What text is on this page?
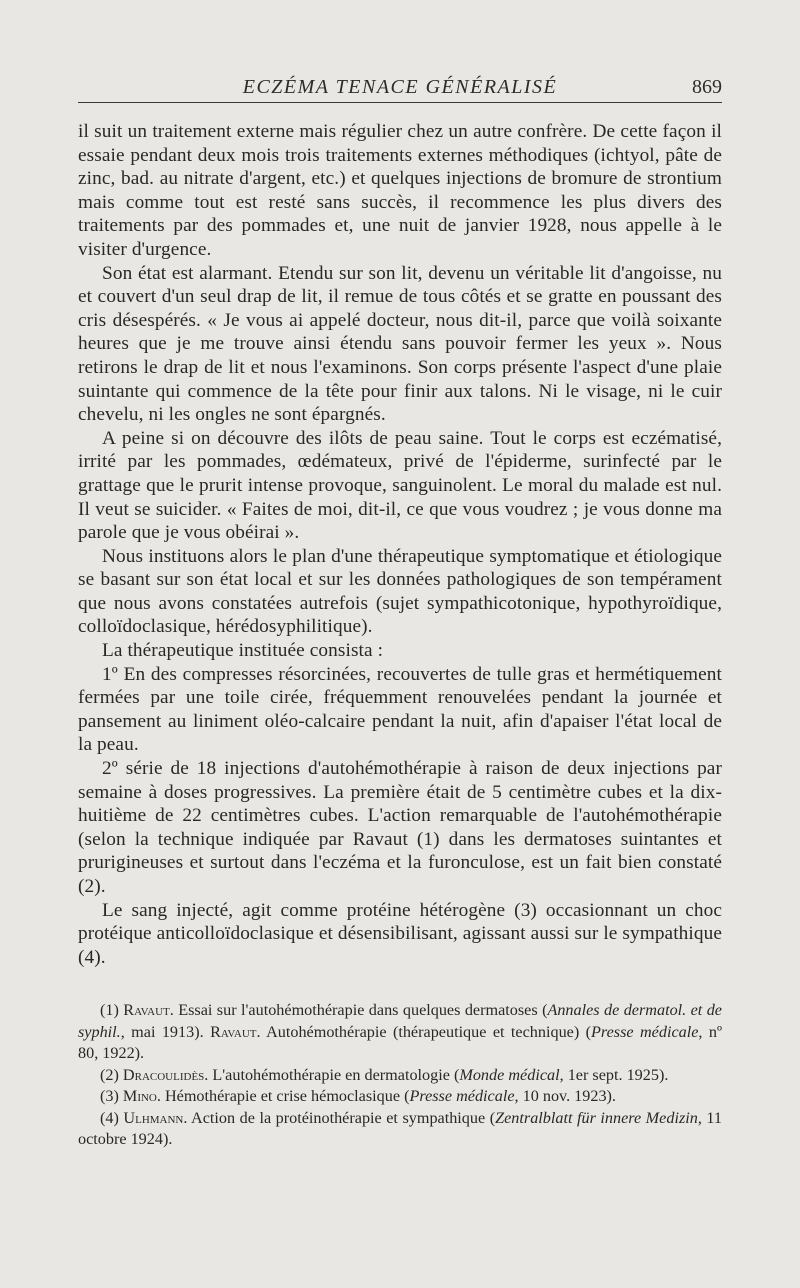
ECZÉMA TENACE GÉNÉRALISÉ	869

il suit un traitement externe mais régulier chez un autre confrère. De cette façon il essaie pendant deux mois trois traitements externes méthodiques (ichtyol, pâte de zinc, bad. au nitrate d'argent, etc.) et quelques injections de bromure de strontium mais comme tout est resté sans succès, il recommence les plus divers des traitements par des pommades et, une nuit de janvier 1928, nous appelle à le visiter d'urgence.

Son état est alarmant. Etendu sur son lit, devenu un véritable lit d'angoisse, nu et couvert d'un seul drap de lit, il remue de tous côtés et se gratte en poussant des cris désespérés. « Je vous ai appelé docteur, nous dit-il, parce que voilà soixante heures que je me trouve ainsi étendu sans pouvoir fermer les yeux ». Nous retirons le drap de lit et nous l'examinons. Son corps présente l'aspect d'une plaie suintante qui commence de la tête pour finir aux talons. Ni le visage, ni le cuir chevelu, ni les ongles ne sont épargnés.

A peine si on découvre des ilôts de peau saine. Tout le corps est eczématisé, irrité par les pommades, œdémateux, privé de l'épiderme, surinfecté par le grattage que le prurit intense provoque, sanguinolent. Le moral du malade est nul. Il veut se suicider. « Faites de moi, dit-il, ce que vous voudrez ; je vous donne ma parole que je vous obéirai ».

Nous instituons alors le plan d'une thérapeutique symptomatique et étiologique se basant sur son état local et sur les données pathologiques de son tempérament que nous avons constatées autrefois (sujet sympathicotonique, hypothyroïdique, colloïdoclasique, hérédosyphilitique).

La thérapeutique instituée consista :

1º En des compresses résorcinées, recouvertes de tulle gras et hermétiquement fermées par une toile cirée, fréquemment renouvelées pendant la journée et pansement au liniment oléo-calcaire pendant la nuit, afin d'apaiser l'état local de la peau.

2º série de 18 injections d'autohémothérapie à raison de deux injections par semaine à doses progressives. La première était de 5 centimètre cubes et la dix-huitième de 22 centimètres cubes. L'action remarquable de l'autohémothérapie (selon la technique indiquée par Ravaut (1) dans les dermatoses suintantes et prurigineuses et surtout dans l'eczéma et la furonculose, est un fait bien constaté (2).

Le sang injecté, agit comme protéine hétérogène (3) occasionnant un choc protéique anticolloïdoclasique et désensibilisant, agissant aussi sur le sympathique (4).

(1) Ravaut. Essai sur l'autohémothérapie dans quelques dermatoses (Annales de dermatol. et de syphil., mai 1913). Ravaut. Autohémothérapie (thérapeutique et technique) (Presse médicale, nº 80, 1922).

(2) Dracoulidès. L'autohémothérapie en dermatologie (Monde médical, 1er sept. 1925).

(3) Mino. Hémothérapie et crise hémoclasique (Presse médicale, 10 nov. 1923).

(4) Ulhmann. Action de la protéinothérapie et sympathique (Zentralblatt für innere Medizin, 11 octobre 1924).
